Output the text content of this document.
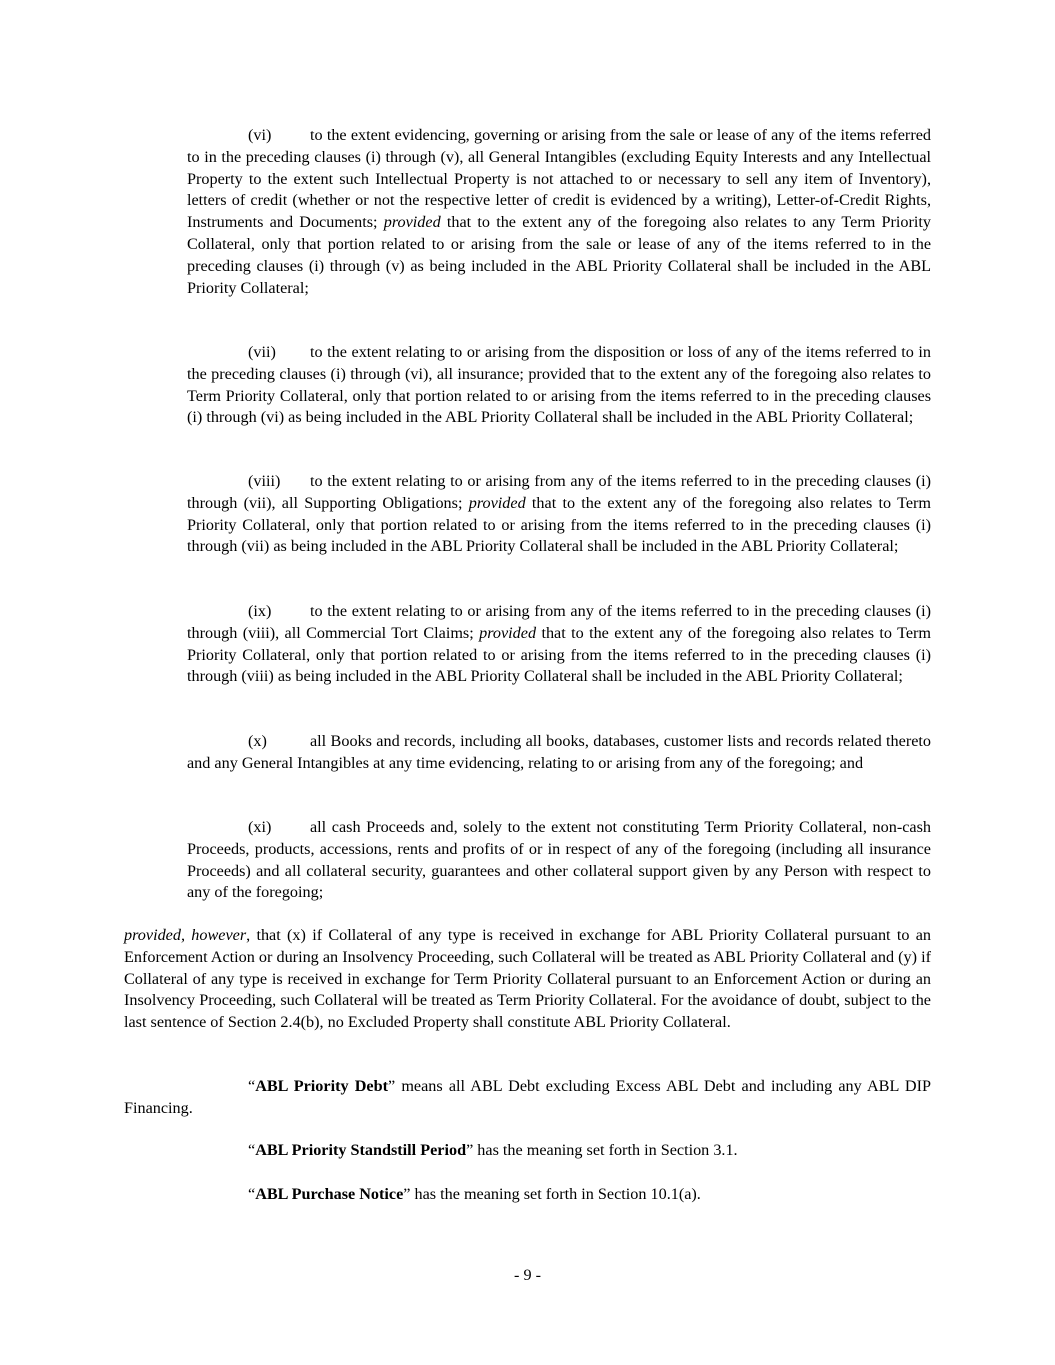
(vi) to the extent evidencing, governing or arising from the sale or lease of any of the items referred to in the preceding clauses (i) through (v), all General Intangibles (excluding Equity Interests and any Intellectual Property to the extent such Intellectual Property is not attached to or necessary to sell any item of Inventory), letters of credit (whether or not the respective letter of credit is evidenced by a writing), Letter-of-Credit Rights, Instruments and Documents; provided that to the extent any of the foregoing also relates to any Term Priority Collateral, only that portion related to or arising from the sale or lease of any of the items referred to in the preceding clauses (i) through (v) as being included in the ABL Priority Collateral shall be included in the ABL Priority Collateral;

(vii) to the extent relating to or arising from the disposition or loss of any of the items referred to in the preceding clauses (i) through (vi), all insurance; provided that to the extent any of the foregoing also relates to Term Priority Collateral, only that portion related to or arising from the items referred to in the preceding clauses (i) through (vi) as being included in the ABL Priority Collateral shall be included in the ABL Priority Collateral;

(viii) to the extent relating to or arising from any of the items referred to in the preceding clauses (i) through (vii), all Supporting Obligations; provided that to the extent any of the foregoing also relates to Term Priority Collateral, only that portion related to or arising from the items referred to in the preceding clauses (i) through (vii) as being included in the ABL Priority Collateral shall be included in the ABL Priority Collateral;

(ix) to the extent relating to or arising from any of the items referred to in the preceding clauses (i) through (viii), all Commercial Tort Claims; provided that to the extent any of the foregoing also relates to Term Priority Collateral, only that portion related to or arising from the items referred to in the preceding clauses (i) through (viii) as being included in the ABL Priority Collateral shall be included in the ABL Priority Collateral;

(x)	all Books and records, including all books, databases, customer lists and records related thereto and any General Intangibles at any time evidencing, relating to or arising from any of the foregoing; and

(xi) all cash Proceeds and, solely to the extent not constituting Term Priority Collateral, non-cash Proceeds, products, accessions, rents and profits of or in respect of any of the foregoing (including all insurance Proceeds) and all collateral security, guarantees and other collateral support given by any Person with respect to any of the foregoing;

provided, however, that (x) if Collateral of any type is received in exchange for ABL Priority Collateral pursuant to an Enforcement Action or during an Insolvency Proceeding, such Collateral will be treated as ABL Priority Collateral and (y) if Collateral of any type is received in exchange for Term Priority Collateral pursuant to an Enforcement Action or during an Insolvency Proceeding, such Collateral will be treated as Term Priority Collateral. For the avoidance of doubt, subject to the last sentence of Section 2.4(b), no Excluded Property shall constitute ABL Priority Collateral.

“ABL Priority Debt” means all ABL Debt excluding Excess ABL Debt and including any ABL DIP Financing.

“ABL Priority Standstill Period” has the meaning set forth in Section 3.1.

“ABL Purchase Notice” has the meaning set forth in Section 10.1(a).

- 9 -
